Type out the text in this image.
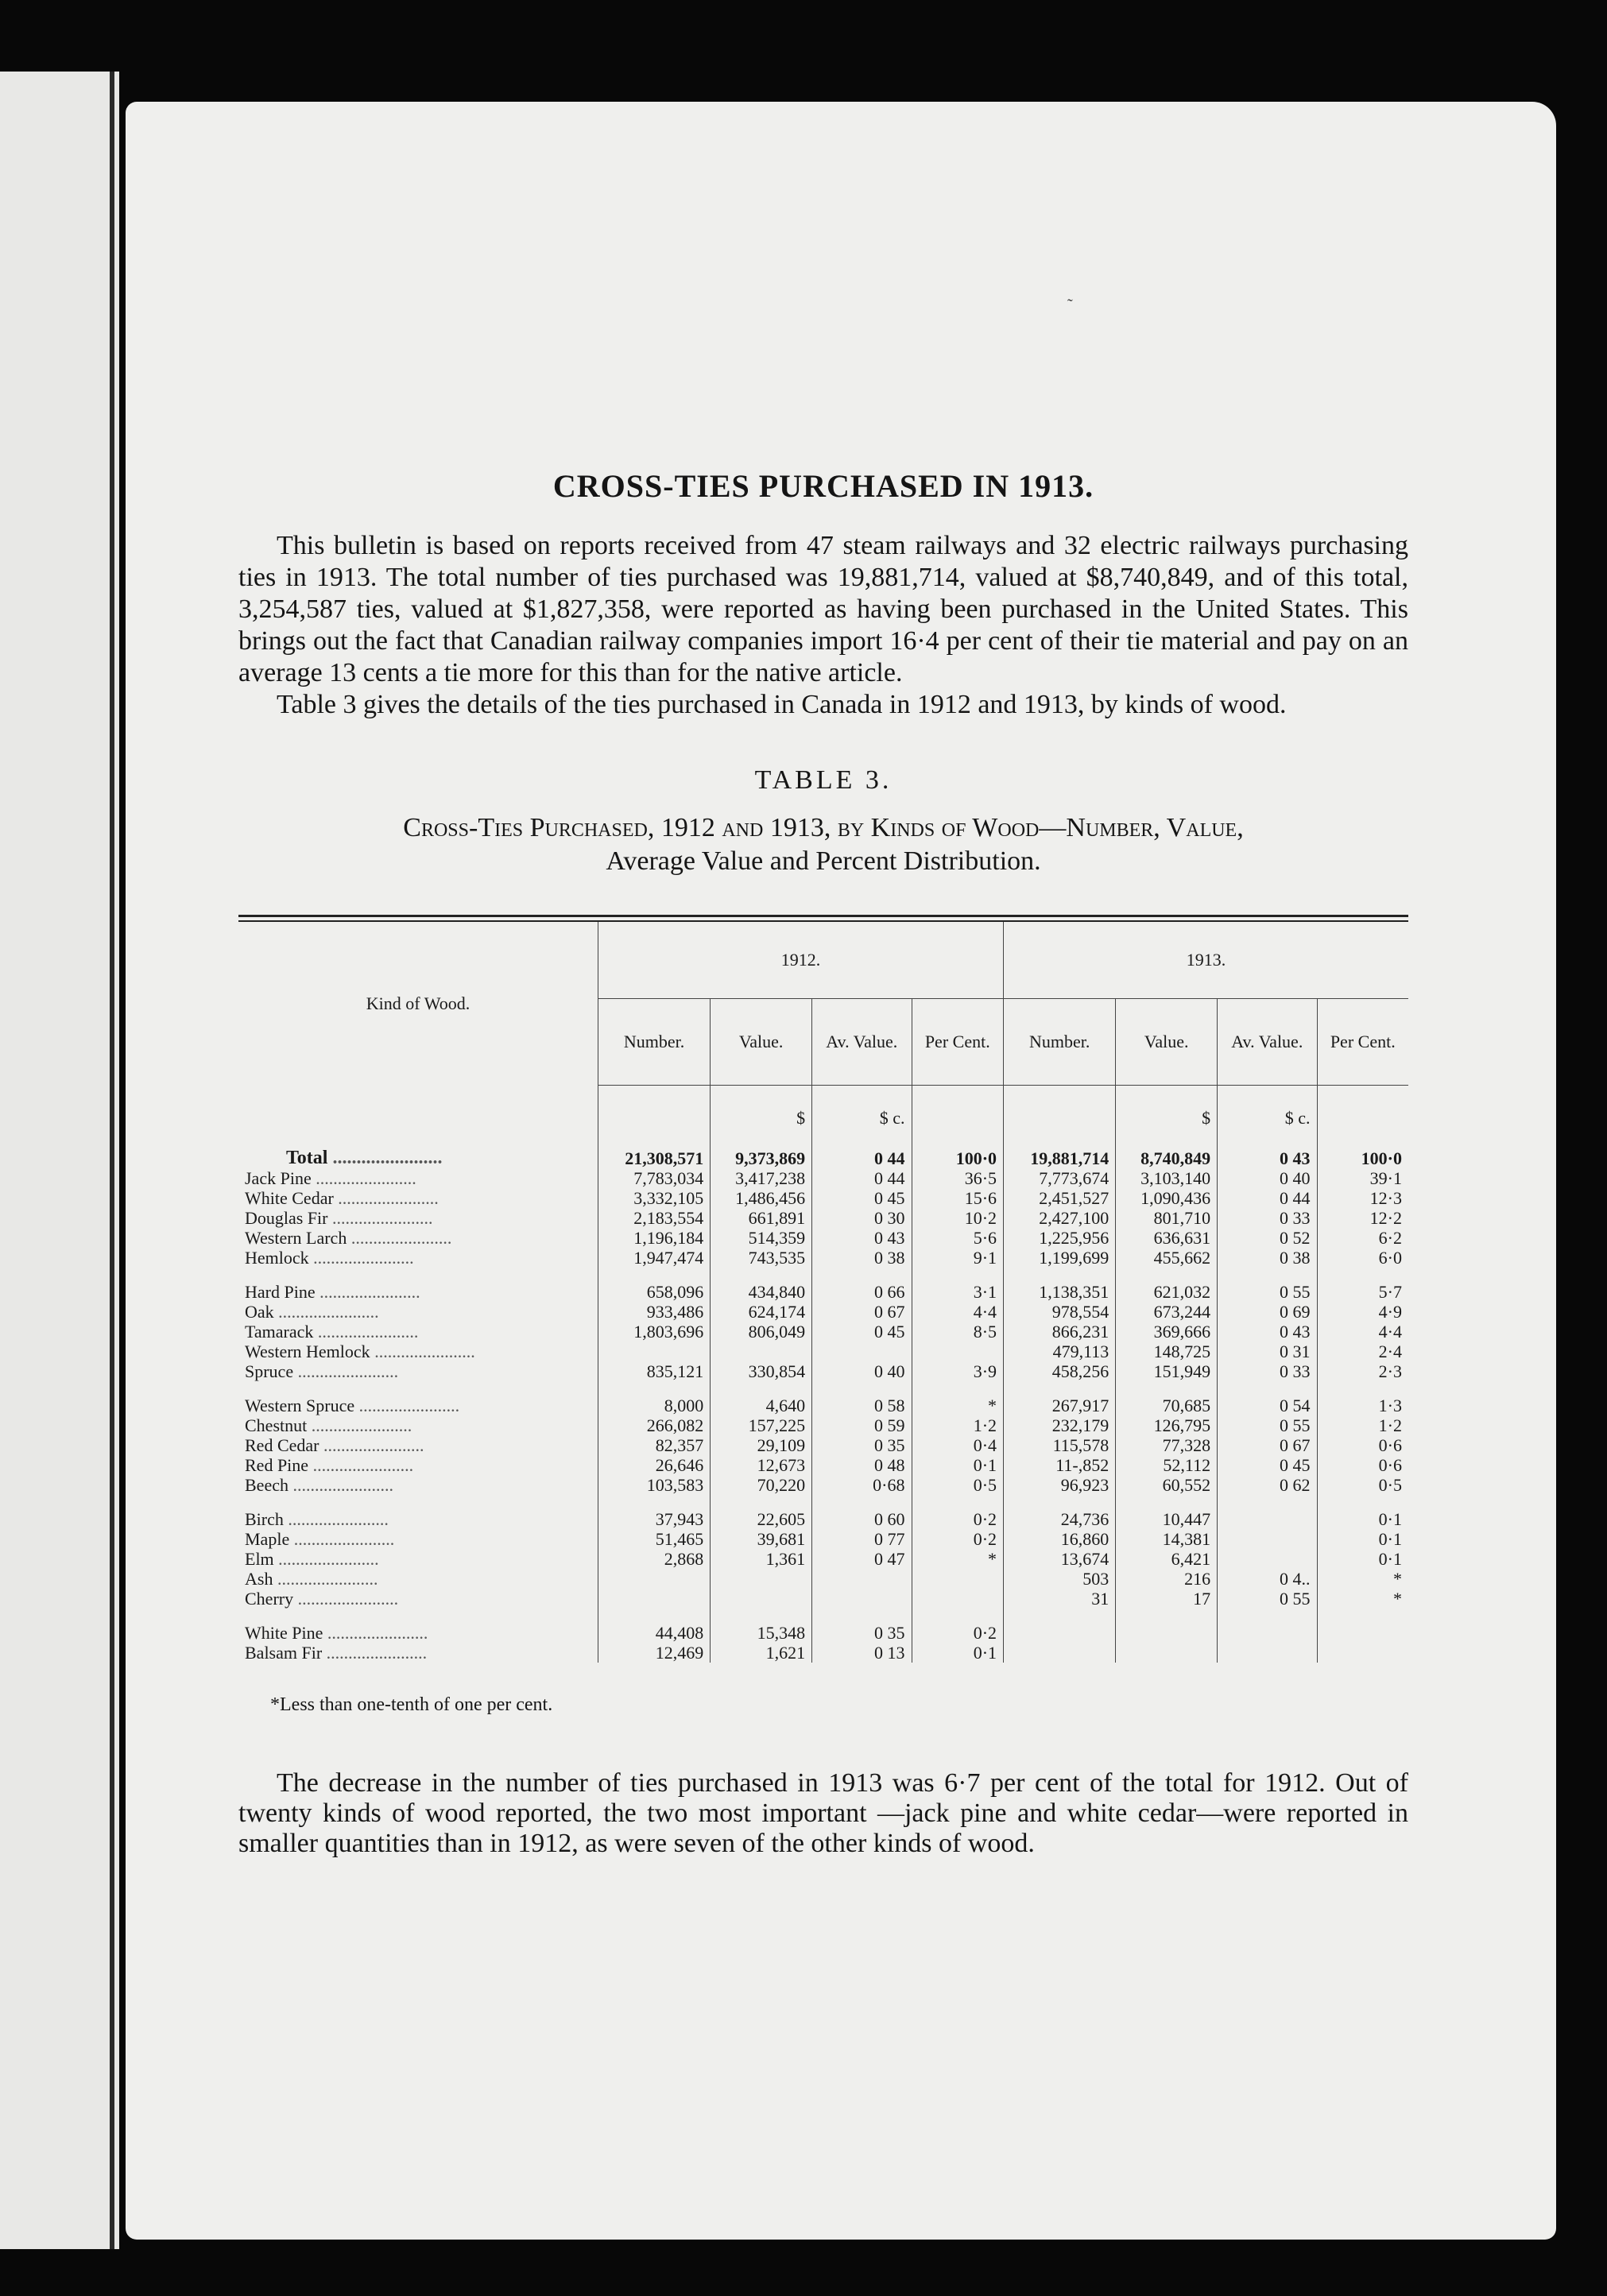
˜
CROSS-TIES PURCHASED IN 1913.

This bulletin is based on reports received from 47 steam railways and 32 electric railways purchasing ties in 1913. The total number of ties purchased was 19,881,714, valued at $8,740,849, and of this total, 3,254,587 ties, valued at $1,827,358, were reported as having been purchased in the United States. This brings out the fact that Canadian railway companies import 16·4 per cent of their tie material and pay on an average 13 cents a tie more for this than for the native article.

Table 3 gives the details of the ties purchased in Canada in 1912 and 1913, by kinds of wood.

TABLE 3.
Cross-Ties Purchased, 1912 and 1913, by Kinds of Wood—Number, Value,
Average Value and Percent Distribution.
Kind of Wood.	1912.				1913.			
	Number.	Value.	Av. Value.	Per Cent.	Number.	Value.	Av. Value.	Per Cent.
		$	$ c.			$	$ c.	
Total .......................	21,308,571	9,373,869	0 44	100·0	19,881,714	8,740,849	0 43	100·0
Jack Pine .......................	7,783,034	3,417,238	0 44	36·5	7,773,674	3,103,140	0 40	39·1
White Cedar .......................	3,332,105	1,486,456	0 45	15·6	2,451,527	1,090,436	0 44	12·3
Douglas Fir .......................	2,183,554	661,891	0 30	10·2	2,427,100	801,710	0 33	12·2
Western Larch .......................	1,196,184	514,359	0 43	5·6	1,225,956	636,631	0 52	6·2
Hemlock .......................	1,947,474	743,535	0 38	9·1	1,199,699	455,662	0 38	6·0

Hard Pine .......................	658,096	434,840	0 66	3·1	1,138,351	621,032	0 55	5·7
Oak .......................	933,486	624,174	0 67	4·4	978,554	673,244	0 69	4·9
Tamarack .......................	1,803,696	806,049	0 45	8·5	866,231	369,666	0 43	4·4
Western Hemlock .......................					479,113	148,725	0 31	2·4
Spruce .......................	835,121	330,854	0 40	3·9	458,256	151,949	0 33	2·3

Western Spruce .......................	8,000	4,640	0 58	*	267,917	70,685	0 54	1·3
Chestnut .......................	266,082	157,225	0 59	1·2	232,179	126,795	0 55	1·2
Red Cedar .......................	82,357	29,109	0 35	0·4	115,578	77,328	0 67	0·6
Red Pine .......................	26,646	12,673	0 48	0·1	11-,852	52,112	0 45	0·6
Beech .......................	103,583	70,220	0·68	0·5	96,923	60,552	0 62	0·5

Birch .......................	37,943	22,605	0 60	0·2	24,736	10,447		0·1
Maple .......................	51,465	39,681	0 77	0·2	16,860	14,381		0·1
Elm .......................	2,868	1,361	0 47	*	13,674	6,421		0·1
Ash .......................					503	216	0 4..	*
Cherry .......................					31	17	0 55	*

White Pine .......................	44,408	15,348	0 35	0·2				
Balsam Fir .......................	12,469	1,621	0 13	0·1				

*Less than one-tenth of one per cent.

The decrease in the number of ties purchased in 1913 was 6·7 per cent of the total for 1912. Out of twenty kinds of wood reported, the two most important —jack pine and white cedar—were reported in smaller quantities than in 1912, as were seven of the other kinds of wood.
